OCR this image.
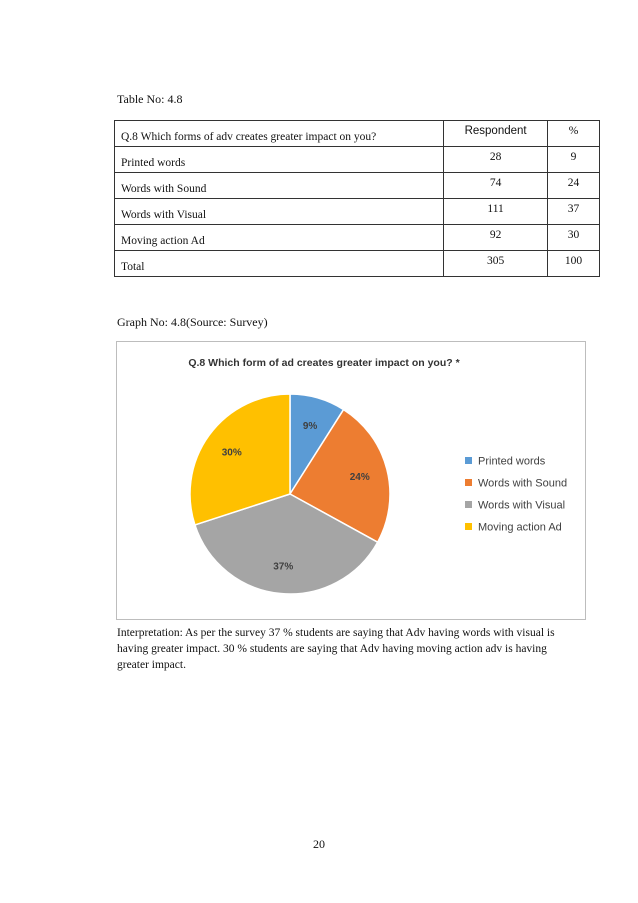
Table No: 4.8
Q.8 Which forms of adv creates greater impact on you?	Respondent	%
Printed words	28	9
Words with Sound	74	24
Words with Visual	111	37
Moving action Ad	92	30
Total	305	100
Graph No: 4.8(Source: Survey)
Q.8 Which form of ad creates greater impact on you? *
9%
24%
37%
30%
Printed words
Words with Sound
Words with Visual
Moving action Ad
Interpretation: As per the survey 37 % students are saying that Adv having words with visual is having greater impact. 30 % students are saying that Adv having moving action adv is having greater impact.
20
